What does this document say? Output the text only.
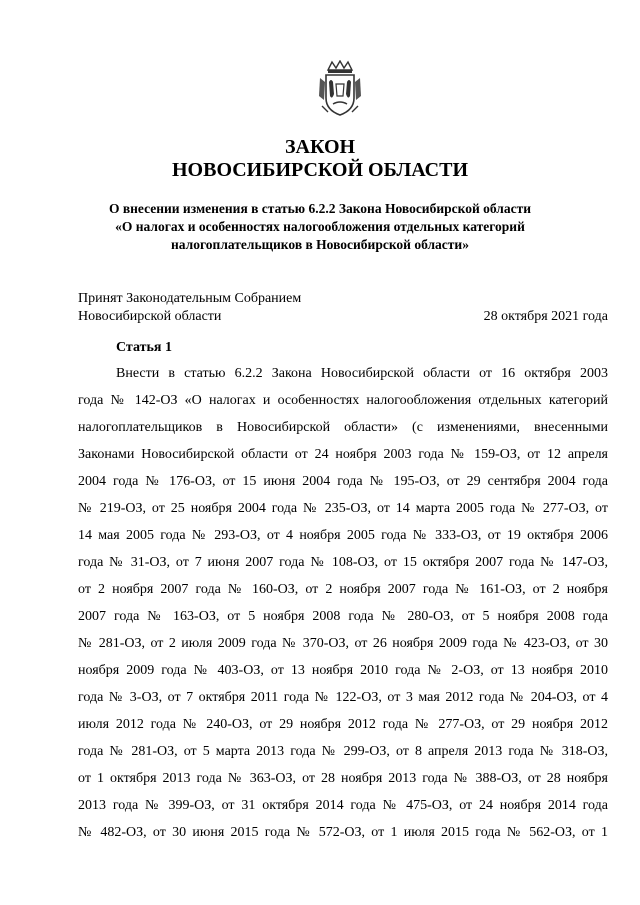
ЗАКОН
НОВОСИБИРСКОЙ ОБЛАСТИ
О внесении изменения в статью 6.2.2 Закона Новосибирской области
«О налогах и особенностях налогообложения отдельных категорий
налогоплательщиков в Новосибирской области»
Принят Законодательным Собранием
Новосибирской области	28 октября 2021 года
Статья 1
Внести в статью 6.2.2 Закона Новосибирской области от 16 октября 2003
года № 142-ОЗ «О налогах и особенностях налогообложения отдельных категорий
налогоплательщиков в Новосибирской области» (с изменениями, внесенными
Законами Новосибирской области от 24 ноября 2003 года № 159-ОЗ, от 12 апреля
2004 года № 176-ОЗ, от 15 июня 2004 года № 195-ОЗ, от 29 сентября 2004 года
№ 219-ОЗ, от 25 ноября 2004 года № 235-ОЗ, от 14 марта 2005 года № 277-ОЗ, от
14 мая 2005 года № 293-ОЗ, от 4 ноября 2005 года № 333-ОЗ, от 19 октября 2006
года № 31-ОЗ, от 7 июня 2007 года № 108-ОЗ, от 15 октября 2007 года № 147-ОЗ,
от 2 ноября 2007 года № 160-ОЗ, от 2 ноября 2007 года № 161-ОЗ, от 2 ноября
2007 года № 163-ОЗ, от 5 ноября 2008 года № 280-ОЗ, от 5 ноября 2008 года
№ 281-ОЗ, от 2 июля 2009 года № 370-ОЗ, от 26 ноября 2009 года № 423-ОЗ, от 30
ноября 2009 года № 403-ОЗ, от 13 ноября 2010 года № 2-ОЗ, от 13 ноября 2010
года № 3-ОЗ, от 7 октября 2011 года № 122-ОЗ, от 3 мая 2012 года № 204-ОЗ, от 4
июля 2012 года № 240-ОЗ, от 29 ноября 2012 года № 277-ОЗ, от 29 ноября 2012
года № 281-ОЗ, от 5 марта 2013 года № 299-ОЗ, от 8 апреля 2013 года № 318-ОЗ,
от 1 октября 2013 года № 363-ОЗ, от 28 ноября 2013 года № 388-ОЗ, от 28 ноября
2013 года № 399-ОЗ, от 31 октября 2014 года № 475-ОЗ, от 24 ноября 2014 года
№ 482-ОЗ, от 30 июня 2015 года № 572-ОЗ, от 1 июля 2015 года № 562-ОЗ, от 1
